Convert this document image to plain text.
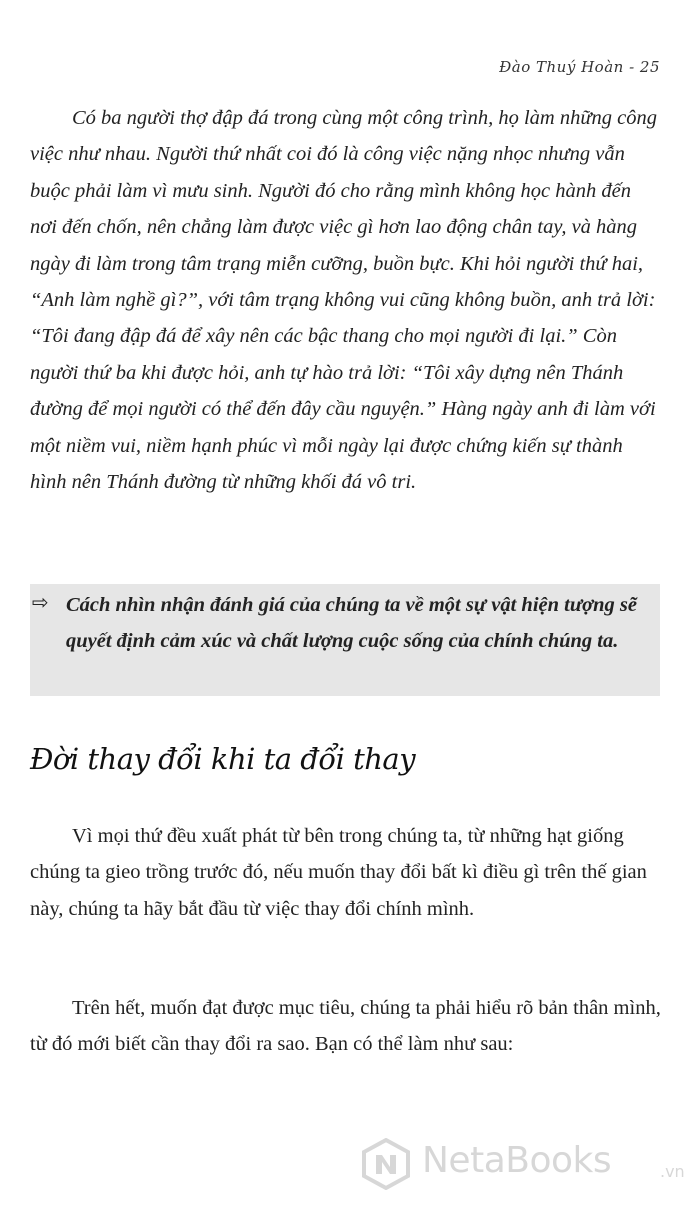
Đào Thuý Hoàn - 25

Có ba người thợ đập đá trong cùng một công trình, họ làm những công việc như nhau. Người thứ nhất coi đó là công việc nặng nhọc nhưng vẫn buộc phải làm vì mưu sinh. Người đó cho rằng mình không học hành đến nơi đến chốn, nên chẳng làm được việc gì hơn lao động chân tay, và hàng ngày đi làm trong tâm trạng miễn cưỡng, buồn bực. Khi hỏi người thứ hai, “Anh làm nghề gì?”, với tâm trạng không vui cũng không buồn, anh trả lời: “Tôi đang đập đá để xây nên các bậc thang cho mọi người đi lại.” Còn người thứ ba khi được hỏi, anh tự hào trả lời: “Tôi xây dựng nên Thánh đường để mọi người có thể đến đây cầu nguyện.” Hàng ngày anh đi làm với một niềm vui, niềm hạnh phúc vì mỗi ngày lại được chứng kiến sự thành hình nên Thánh đường từ những khối đá vô tri.

⇨ Cách nhìn nhận đánh giá của chúng ta về một sự vật hiện tượng sẽ quyết định cảm xúc và chất lượng cuộc sống của chính chúng ta.

Đời thay đổi khi ta đổi thay

Vì mọi thứ đều xuất phát từ bên trong chúng ta, từ những hạt giống chúng ta gieo trồng trước đó, nếu muốn thay đổi bất kì điều gì trên thế gian này, chúng ta hãy bắt đầu từ việc thay đổi chính mình.

Trên hết, muốn đạt được mục tiêu, chúng ta phải hiểu rõ bản thân mình, từ đó mới biết cần thay đổi ra sao. Bạn có thể làm như sau:

NetaBooks	.vn
